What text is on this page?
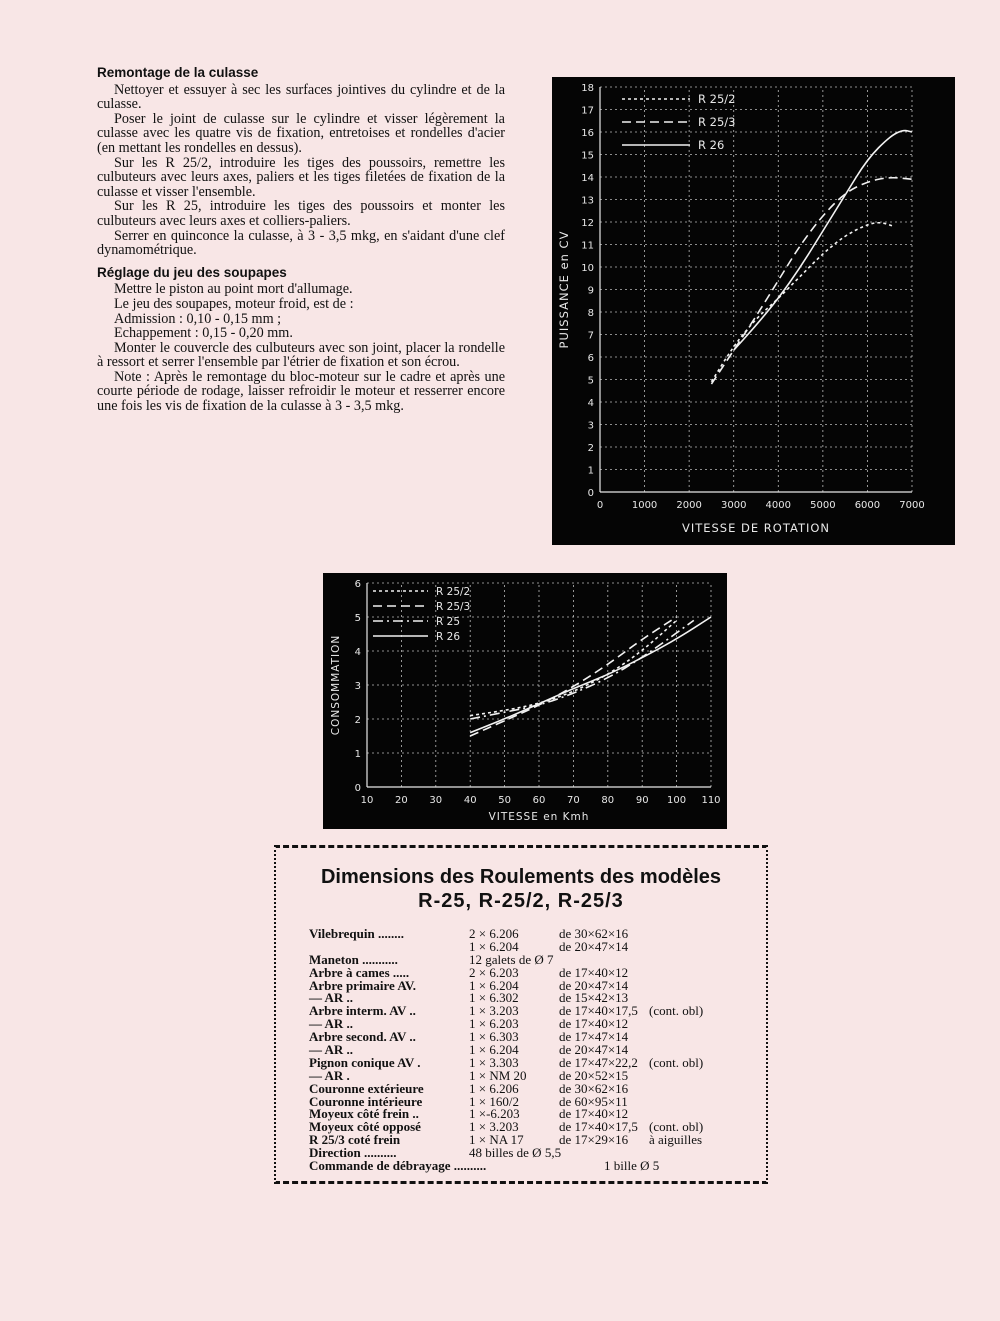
Remontage de la culasse

Nettoyer et essuyer à sec les surfaces jointives du cylindre et de la culasse.

Poser le joint de culasse sur le cylindre et visser légèrement la culasse avec les quatre vis de fixation, entretoises et rondelles d'acier (en mettant les rondelles en dessus).

Sur les R 25/2, introduire les tiges des poussoirs, remettre les culbuteurs avec leurs axes, paliers et les tiges filetées de fixation de la culasse et visser l'ensemble.

Sur les R 25, introduire les tiges des poussoirs et monter les culbuteurs avec leurs axes et colliers-paliers.

Serrer en quinconce la culasse, à 3 - 3,5 mkg, en s'aidant d'une clef dynamométrique.

Réglage du jeu des soupapes

Mettre le piston au point mort d'allumage.

Le jeu des soupapes, moteur froid, est de :

Admission : 0,10 - 0,15 mm ;

Echappement : 0,15 - 0,20 mm.

Monter le couvercle des culbuteurs avec son joint, placer la rondelle à ressort et serrer l'ensemble par l'étrier de fixation et son écrou.

Note : Après le remontage du bloc-moteur sur le cadre et après une courte période de rodage, laisser refroidir le moteur et resserrer encore une fois les vis de fixation de la culasse à 3 - 3,5 mkg.

0
1
2
3
4
5
6
7
8
9
10
11
12
13
14
15
16
17
18
0	1000 2000 3000 4000 5000 6000 7000
VITESSE DE ROTATION
PUISSANCE en CV
R 25/2
R 25/3
R 26
0
1
2
3
4
5
6
10 20 30 40 50 60 70 80 90 100 110
VITESSE en Kmh
CONSOMMATION
R 25/2
R 25/3
R 25
R 26
Dimensions des Roulements des modèles
R-25, R-25/2, R-25/3
Vilebrequin ........	2 × 6.206	de 30×62×16
1 × 6.204	de 20×47×14
Maneton ...........	12 galets de Ø 7
Arbre à cames .....	2 × 6.203	de 17×40×12
Arbre primaire AV.	1 × 6.204	de 20×47×14
— AR ..	1 × 6.302	de 15×42×13
Arbre interm. AV ..	1 × 3.203	de 17×40×17,5 (cont. obl)
— AR ..	1 × 6.203	de 17×40×12
Arbre second. AV ..	1 × 6.303	de 17×47×14
— AR ..	1 × 6.204	de 20×47×14
Pignon conique AV .	1 × 3.303	de 17×47×22,2 (cont. obl)
— AR .	1 × NM 20 de 20×52×15
Couronne extérieure	1 × 6.206	de 30×62×16
Couronne intérieure	1 × 160/2	de 60×95×11
Moyeux côté frein ..	1 ×-6.203	de 17×40×12
Moyeux côté opposé	1 × 3.203	de 17×40×17,5 (cont. obl)
R 25/3 coté frein	1 × NA 17	de 17×29×16 à aiguilles
Direction ..........	48 billes de Ø 5,5
Commande de débrayage ..........	1 bille Ø 5
